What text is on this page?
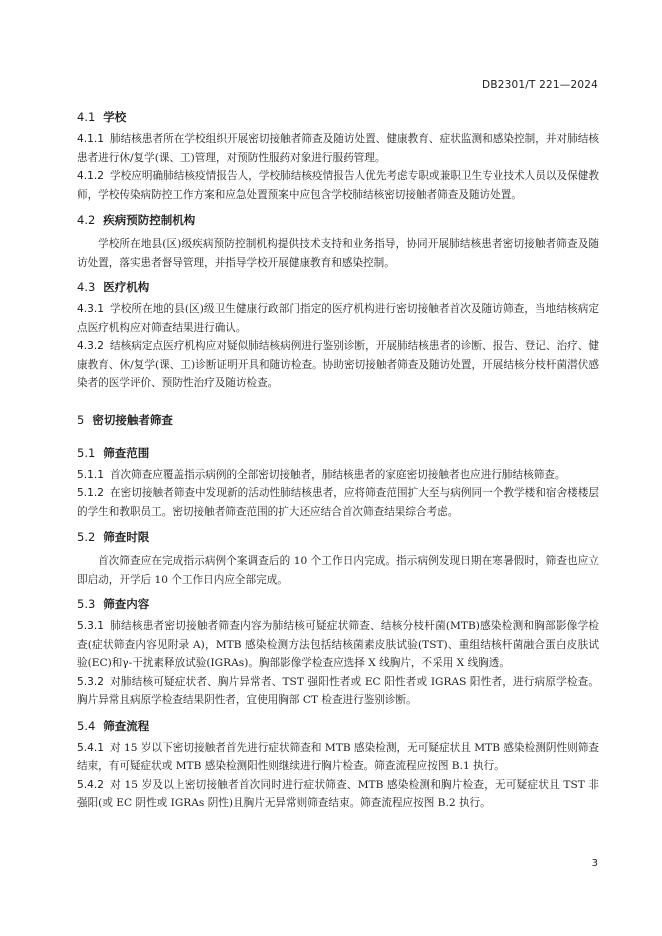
DB2301/T 221—2024
4.1 学校

4.1.1 肺结核患者所在学校组织开展密切接触者筛查及随访处置、健康教育、症状监测和感染控制，并对肺结核患者进行休/复学(课、工)管理，对预防性服药对象进行服药管理。

4.1.2 学校应明确肺结核疫情报告人，学校肺结核疫情报告人优先考虑专职或兼职卫生专业技术人员以及保健教师，学校传染病防控工作方案和应急处置预案中应包含学校肺结核密切接触者筛查及随访处置。

4.2 疾病预防控制机构

学校所在地县(区)级疾病预防控制机构提供技术支持和业务指导，协同开展肺结核患者密切接触者筛查及随访处置，落实患者督导管理，并指导学校开展健康教育和感染控制。

4.3 医疗机构

4.3.1 学校所在地的县(区)级卫生健康行政部门指定的医疗机构进行密切接触者首次及随访筛查，当地结核病定点医疗机构应对筛查结果进行确认。

4.3.2 结核病定点医疗机构应对疑似肺结核病例进行鉴别诊断，开展肺结核患者的诊断、报告、登记、治疗、健康教育、休/复学(课、工)诊断证明开具和随访检查。协助密切接触者筛查及随访处置，开展结核分枝杆菌潜伏感染者的医学评价、预防性治疗及随访检查。

5 密切接触者筛查
5.1 筛查范围

5.1.1 首次筛查应覆盖指示病例的全部密切接触者，肺结核患者的家庭密切接触者也应进行肺结核筛查。

5.1.2 在密切接触者筛查中发现新的活动性肺结核患者，应将筛查范围扩大至与病例同一个教学楼和宿舍楼楼层的学生和教职员工。密切接触者筛查范围的扩大还应结合首次筛查结果综合考虑。

5.2 筛查时限

首次筛查应在完成指示病例个案调查后的 10 个工作日内完成。指示病例发现日期在寒暑假时，筛查也应立即启动，开学后 10 个工作日内应全部完成。

5.3 筛查内容

5.3.1 肺结核患者密切接触者筛查内容为肺结核可疑症状筛查、结核分枝杆菌(MTB)感染检测和胸部影像学检查(症状筛查内容见附录 A)，MTB 感染检测方法包括结核菌素皮肤试验(TST)、重组结核杆菌融合蛋白皮肤试验(EC)和γ-干扰素释放试验(IGRAs)。胸部影像学检查应选择 X 线胸片，不采用 X 线胸透。

5.3.2 对肺结核可疑症状者、胸片异常者、TST 强阳性者或 EC 阳性者或 IGRAS 阳性者，进行病原学检查。胸片异常且病原学检查结果阴性者，宜使用胸部 CT 检查进行鉴别诊断。

5.4 筛查流程

5.4.1 对 15 岁以下密切接触者首先进行症状筛查和 MTB 感染检测，无可疑症状且 MTB 感染检测阴性则筛查结束，有可疑症状或 MTB 感染检测阳性则继续进行胸片检查。筛查流程应按图 B.1 执行。

5.4.2 对 15 岁及以上密切接触者首次同时进行症状筛查、MTB 感染检测和胸片检查，无可疑症状且 TST 非强阳(或 EC 阴性或 IGRAs 阴性)且胸片无异常则筛查结束。筛查流程应按图 B.2 执行。

3
